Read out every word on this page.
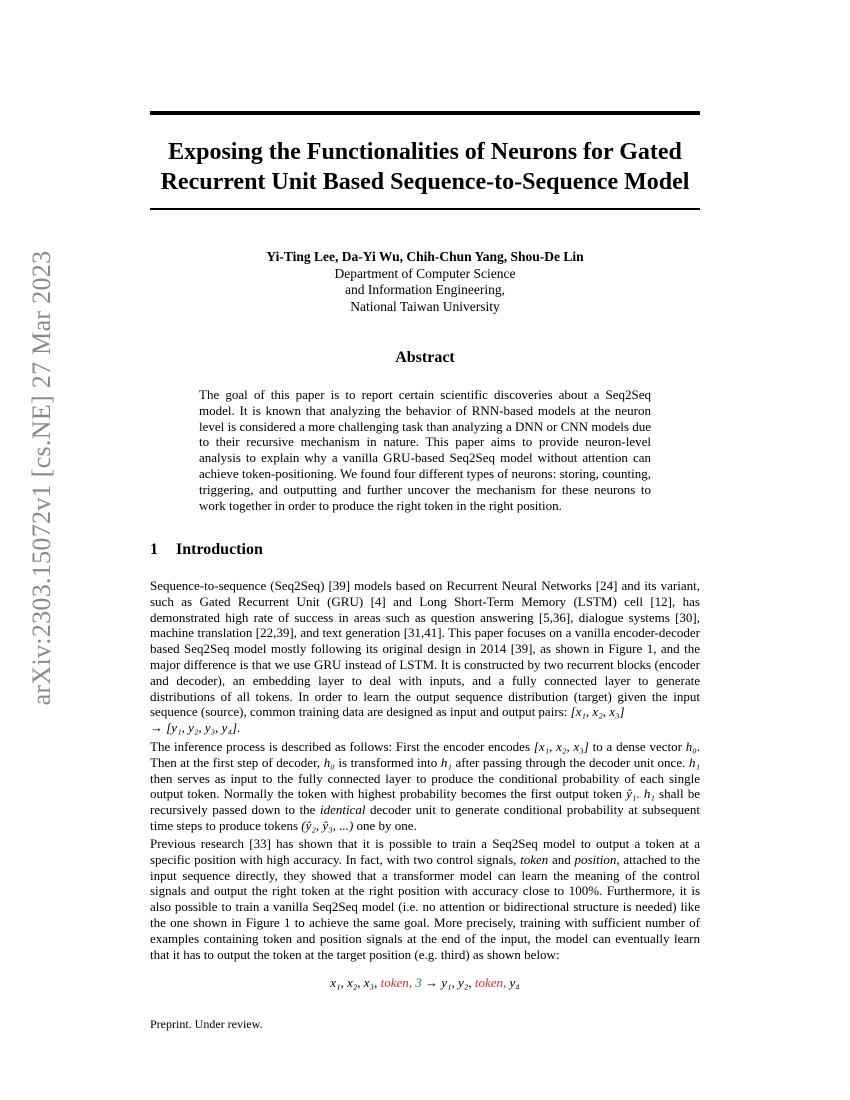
arXiv:2303.15072v1 [cs.NE] 27 Mar 2023
Exposing the Functionalities of Neurons for Gated
Recurrent Unit Based Sequence-to-Sequence Model
Yi-Ting Lee, Da-Yi Wu, Chih-Chun Yang, Shou-De Lin
Department of Computer Science
and Information Engineering,
National Taiwan University
Abstract
The goal of this paper is to report certain scientific discoveries about a Seq2Seq model. It is known that analyzing the behavior of RNN-based models at the neuron level is considered a more challenging task than analyzing a DNN or CNN models due to their recursive mechanism in nature. This paper aims to provide neuron-level analysis to explain why a vanilla GRU-based Seq2Seq model without attention can achieve token-positioning. We found four different types of neurons: storing, counting, triggering, and outputting and further uncover the mechanism for these neurons to work together in order to produce the right token in the right position.
1 Introduction
Sequence-to-sequence (Seq2Seq) [39] models based on Recurrent Neural Networks [24] and its variant, such as Gated Recurrent Unit (GRU) [4] and Long Short-Term Memory (LSTM) cell [12], has demonstrated high rate of success in areas such as question answering [5,36], dialogue systems [30], machine translation [22,39], and text generation [31,41]. This paper focuses on a vanilla encoder-decoder based Seq2Seq model mostly following its original design in 2014 [39], as shown in Figure 1, and the major difference is that we use GRU instead of LSTM. It is constructed by two recurrent blocks (encoder and decoder), an embedding layer to deal with inputs, and a fully connected layer to generate distributions of all tokens. In order to learn the output sequence distribution (target) given the input sequence (source), common training data are designed as input and output pairs: [x₁, x₂, x₃]
→ [y₁, y₂, y₃, y₄].
The inference process is described as follows: First the encoder encodes [x₁, x₂, x₃] to a dense vector h₀. Then at the first step of decoder, h₀ is transformed into h₁ after passing through the decoder unit once. h₁ then serves as input to the fully connected layer to produce the conditional probability of each single output token. Normally the token with highest probability becomes the first output token ŷ₁. h₁ shall be recursively passed down to the identical decoder unit to generate conditional probability at subsequent time steps to produce tokens (ŷ₂, ŷ₃, ...) one by one.
Previous research [33] has shown that it is possible to train a Seq2Seq model to output a token at a specific position with high accuracy. In fact, with two control signals, token and position, attached to the input sequence directly, they showed that a transformer model can learn the meaning of the control signals and output the right token at the right position with accuracy close to 100%. Furthermore, it is also possible to train a vanilla Seq2Seq model (i.e. no attention or bidirectional structure is needed) like the one shown in Figure 1 to achieve the same goal. More precisely, training with sufficient number of examples containing token and position signals at the end of the input, the model can eventually learn that it has to output the token at the target position (e.g. third) as shown below:
x₁, x₂, x₃, token, 3 → y₁, y₂, token, y₄
Preprint. Under review.
